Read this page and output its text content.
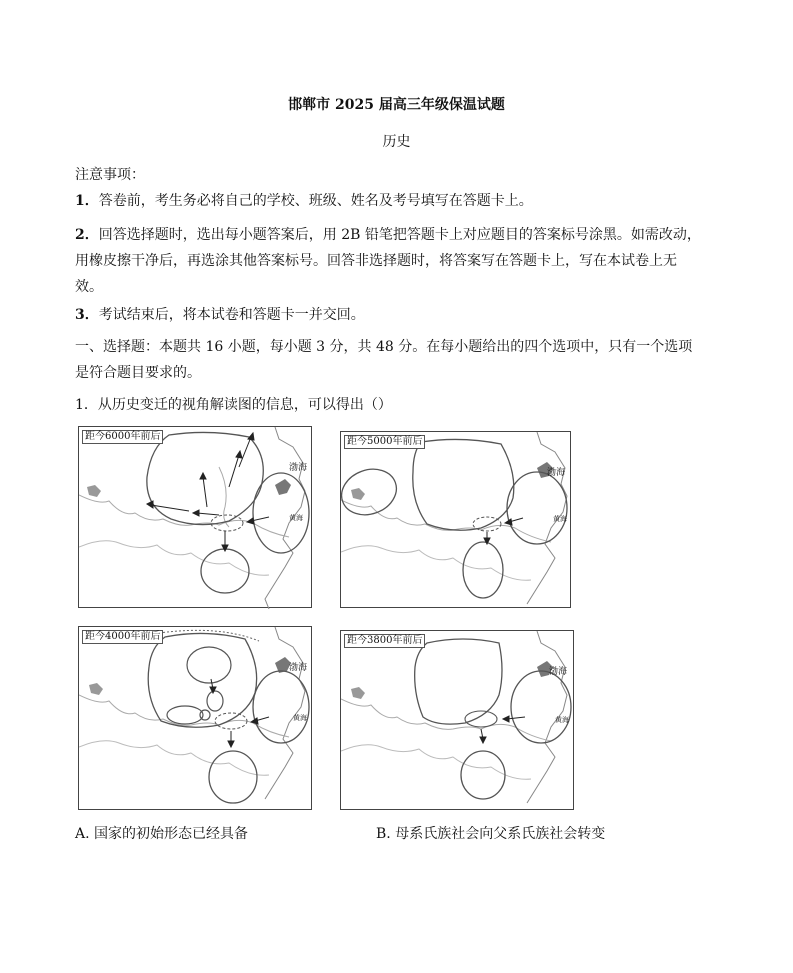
邯郸市 2025 届高三年级保温试题
历史
注意事项：
1．答卷前，考生务必将自己的学校、班级、姓名及考号填写在答题卡上。
2．回答选择题时，选出每小题答案后，用 2B 铅笔把答题卡上对应题目的答案标号涂黑。如需改动，
用橡皮擦干净后，再选涂其他答案标号。回答非选择题时，将答案写在答题卡上，写在本试卷上无
效。
3．考试结束后，将本试卷和答题卡一并交回。
一、选择题：本题共 16 小题，每小题 3 分，共 48 分。在每小题给出的四个选项中，只有一个选项
是符合题目要求的。
1．从历史变迁的视角解读图的信息，可以得出（）
距今6000年前后
渤海
黄海
距今5000年前后
渤海
黄海
距今4000年前后
渤海
黄海
距今3800年前后
渤海
黄海
A. 国家的初始形态已经具备	B. 母系氏族社会向父系氏族社会转变
